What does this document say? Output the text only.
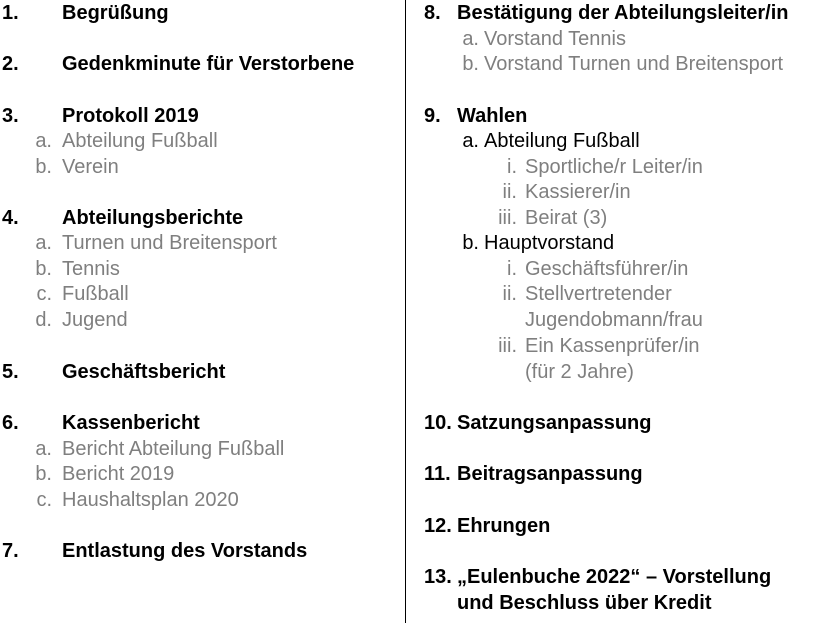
1. Begrüßung
2. Gedenkminute für Verstorbene
3. Protokoll 2019
a. Abteilung Fußball
b. Verein
4. Abteilungsberichte
a. Turnen und Breitensport
b. Tennis
c. Fußball
d. Jugend
5. Geschäftsbericht
6. Kassenbericht
a. Bericht Abteilung Fußball
b. Bericht 2019
c. Haushaltsplan 2020
7. Entlastung des Vorstands
8. Bestätigung der Abteilungsleiter/in
a. Vorstand Tennis
b. Vorstand Turnen und Breitensport
9. Wahlen
a. Abteilung Fußball
i. Sportliche/r Leiter/in
ii. Kassierer/in
iii. Beirat (3)
b. Hauptvorstand
i. Geschäftsführer/in
ii. Stellvertretender
Jugendobmann/frau
iii. Ein Kassenprüfer/in
(für 2 Jahre)
10. Satzungsanpassung
11. Beitragsanpassung
12. Ehrungen
13. „Eulenbuche 2022“ – Vorstellung
und Beschluss über Kredit
